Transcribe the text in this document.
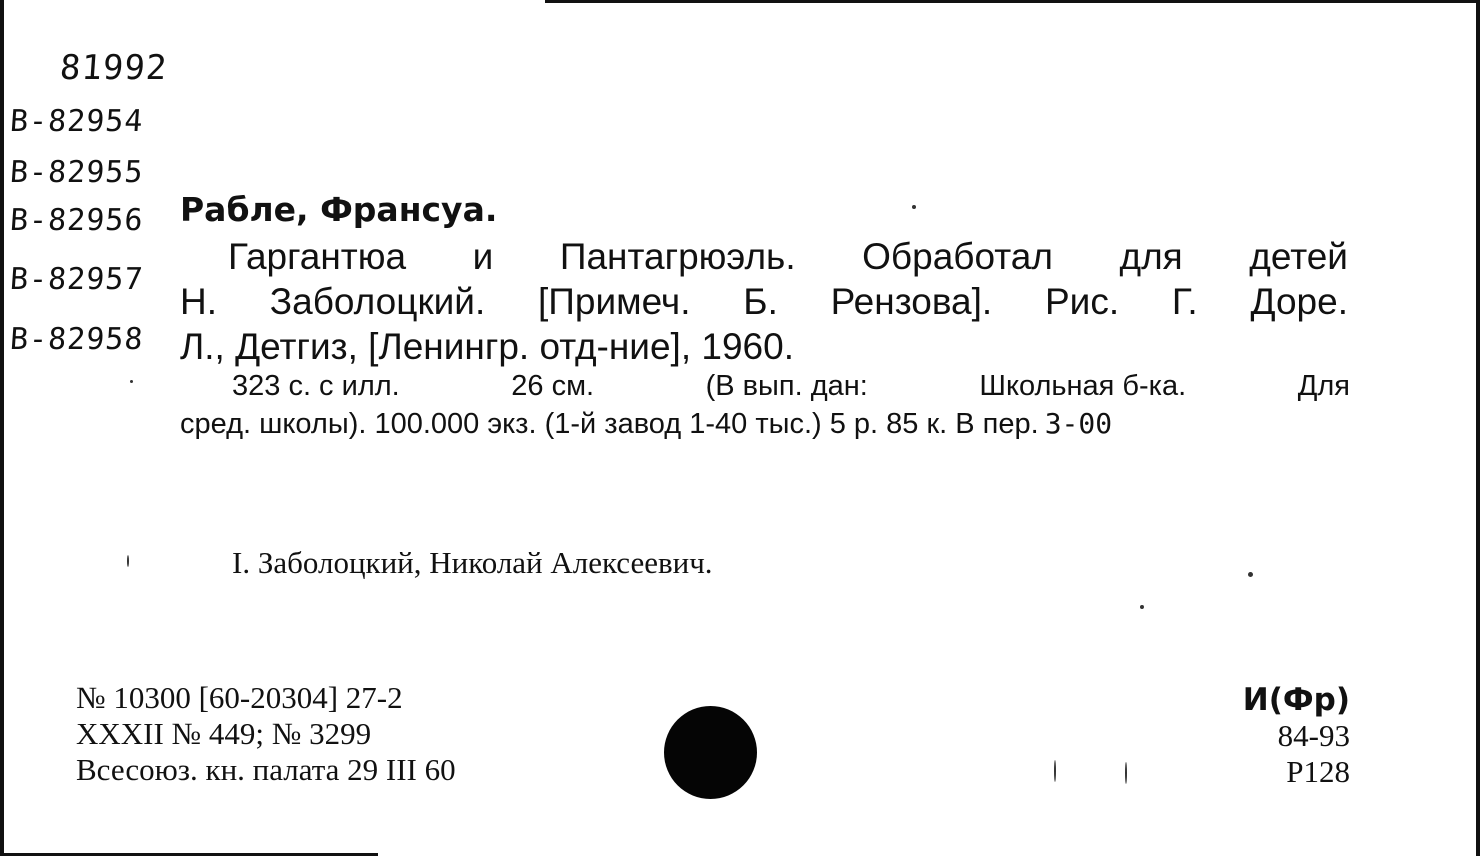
81992
В-82954
В-82955
В-82956
В-82957
В-82958
Рабле, Франсуа.
Гаргантюа и Пантагрюэль. Обработал для детей
Н. Заболоцкий. [Примеч. Б. Рензова]. Рис. Г. Доре.
Л., Детгиз, [Ленингр. отд-ние], 1960.
323 с. с илл.	26 см.	(В вып. дан:	Школьная б-ка.	Для
сред. школы). 100.000 экз. (1-й завод 1-40 тыс.) 5 р. 85 к. В пер. 3-00
I. Заболоцкий, Николай Алексеевич.
№ 10300 [60-20304] 27-2
XXXII № 449; № 3299
Всесоюз. кн. палата 29 III 60
И(Фр)
84-93
Р128
